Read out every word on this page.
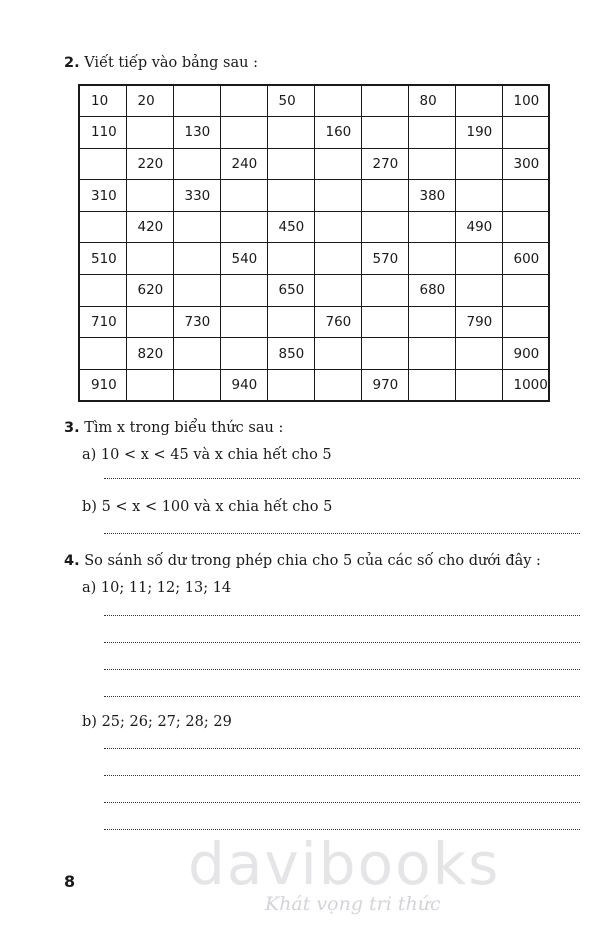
2. Viết tiếp vào bảng sau :
10	20			50			80		100
110		130			160			190	
	220		240			270			300
310		330					380		
	420			450				490	
510			540			570			600
	620			650			680		
710		730			760			790	
	820			850					900
910			940			970			1000
3. Tìm x trong biểu thức sau :
a) 10 < x < 45 và x chia hết cho 5
b) 5 < x < 100 và x chia hết cho 5
4. So sánh số dư trong phép chia cho 5 của các số cho dưới đây :
a) 10; 11; 12; 13; 14
b) 25; 26; 27; 28; 29
8 davibooks
Khát vọng tri thức
